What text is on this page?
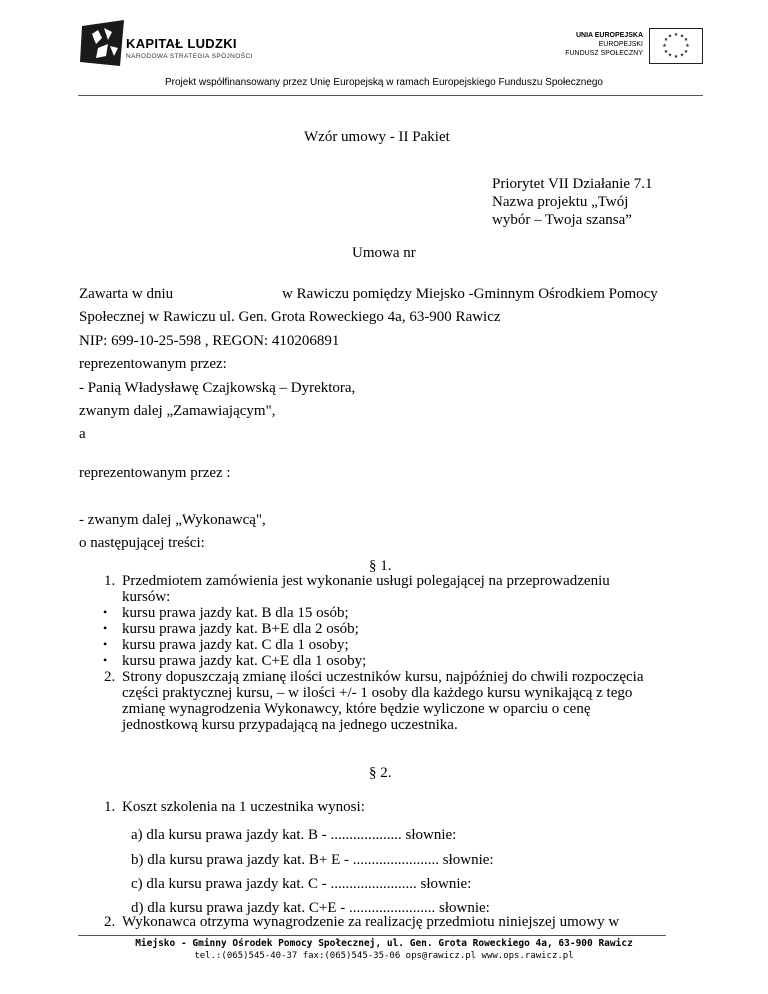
KAPITAŁ LUDZKI
NARODOWA STRATEGIA SPÓJNOŚCI
UNIA EUROPEJSKA
EUROPEJSKI
FUNDUSZ SPOŁECZNY
★ ★
★
★
★
★
★
★
★
★
★
★
Projekt współfinansowany przez Unię Europejską w ramach Europejskiego Funduszu Społecznego
Wzór umowy - II Pakiet
Priorytet VII Działanie 7.1
Nazwa projektu „Twój
wybór – Twoja szansa”
Umowa nr
Zawarta w dniu	w Rawiczu pomiędzy Miejsko -Gminnym Ośrodkiem Pomocy
Społecznej w Rawiczu ul. Gen. Grota Roweckiego 4a, 63-900 Rawicz
NIP: 699-10-25-598 , REGON: 410206891
reprezentowanym przez:
- Panią Władysławę Czajkowską – Dyrektora,
zwanym dalej „Zamawiającym",
a
reprezentowanym przez :
- zwanym dalej „Wykonawcą",
o następującej treści:
§ 1.
1. Przedmiotem zamówienia jest wykonanie usługi polegającej na przeprowadzeniu
kursów:
• kursu prawa jazdy kat. B dla 15 osób;
• kursu prawa jazdy kat. B+E dla 2 osób;
• kursu prawa jazdy kat. C dla 1 osoby;
• kursu prawa jazdy kat. C+E dla 1 osoby;
2. Strony dopuszczają zmianę ilości uczestników kursu, najpóźniej do chwili rozpoczęcia
części praktycznej kursu, – w ilości +/- 1 osoby dla każdego kursu wynikającą z tego
zmianę wynagrodzenia Wykonawcy, które będzie wyliczone w oparciu o cenę
jednostkową kursu przypadającą na jednego uczestnika.
§ 2.
1. Koszt szkolenia na 1 uczestnika wynosi:
a) dla kursu prawa jazdy kat. B - ................... słownie:
b) dla kursu prawa jazdy kat. B+ E - ....................... słownie:
c) dla kursu prawa jazdy kat. C - ....................... słownie:
d) dla kursu prawa jazdy kat. C+E - ....................... słownie:
2. Wykonawca otrzyma wynagrodzenie za realizację przedmiotu niniejszej umowy w
Miejsko - Gminny Ośrodek Pomocy Społecznej, ul. Gen. Grota Roweckiego 4a, 63-900 Rawicz
tel.:(065)545-40-37 fax:(065)545-35-06 ops@rawicz.pl www.ops.rawicz.pl
